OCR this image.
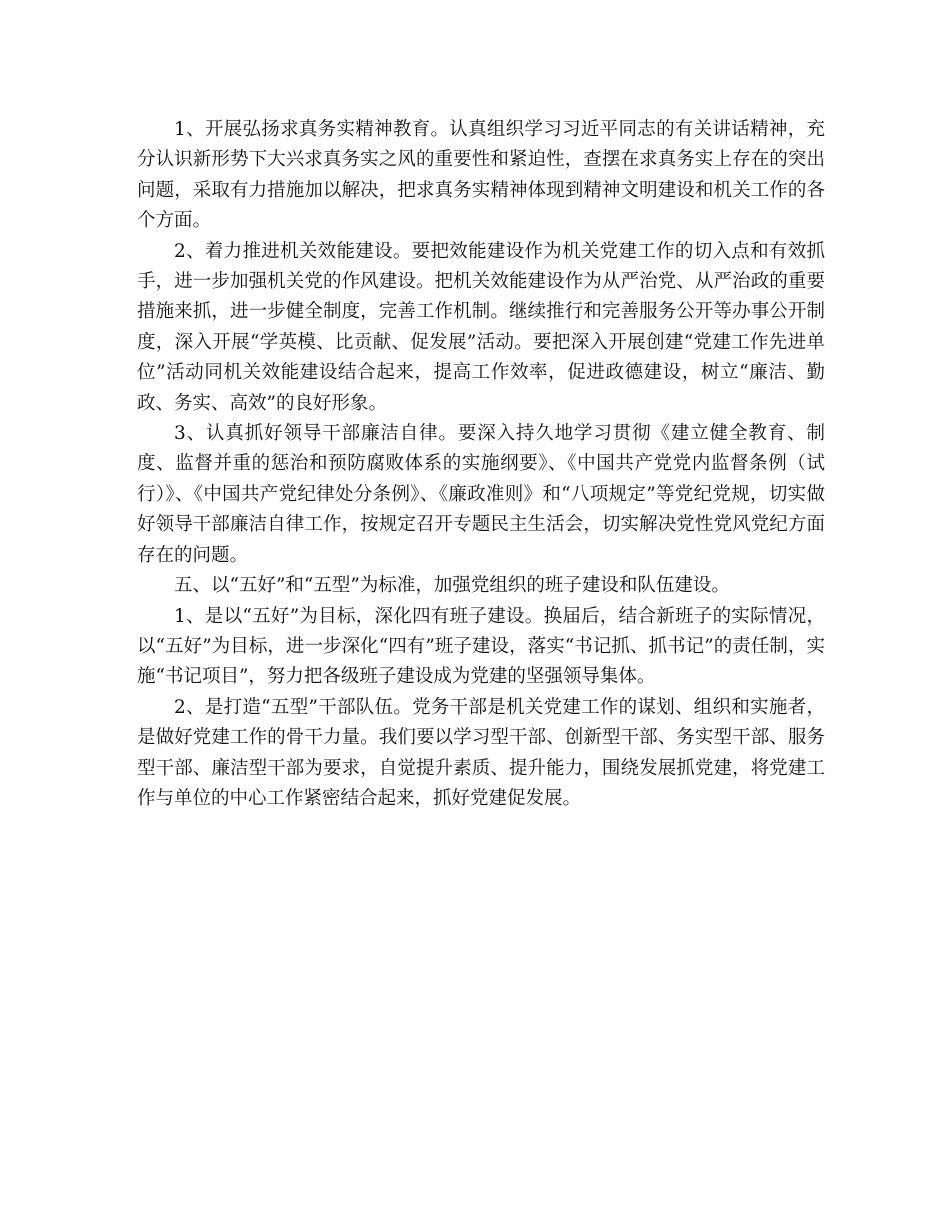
1、开展弘扬求真务实精神教育。认真组织学习习近平同志的有关讲话精神，充分认识新形势下大兴求真务实之风的重要性和紧迫性，查摆在求真务实上存在的突出问题，采取有力措施加以解决，把求真务实精神体现到精神文明建设和机关工作的各个方面。

2、着力推进机关效能建设。要把效能建设作为机关党建工作的切入点和有效抓手，进一步加强机关党的作风建设。把机关效能建设作为从严治党、从严治政的重要措施来抓，进一步健全制度，完善工作机制。继续推行和完善服务公开等办事公开制度，深入开展“学英模、比贡献、促发展”活动。要把深入开展创建“党建工作先进单位”活动同机关效能建设结合起来，提高工作效率，促进政德建设，树立“廉洁、勤政、务实、高效”的良好形象。

3、认真抓好领导干部廉洁自律。要深入持久地学习贯彻《建立健全教育、制度、监督并重的惩治和预防腐败体系的实施纲要》、《中国共产党党内监督条例（试行）》、《中国共产党纪律处分条例》、《廉政准则》和“八项规定”等党纪党规，切实做好领导干部廉洁自律工作，按规定召开专题民主生活会，切实解决党性党风党纪方面存在的问题。

五、以“五好”和“五型”为标准，加强党组织的班子建设和队伍建设。

1、是以“五好”为目标，深化四有班子建设。换届后，结合新班子的实际情况，以“五好”为目标，进一步深化“四有”班子建设，落实“书记抓、抓书记”的责任制，实施“书记项目”，努力把各级班子建设成为党建的坚强领导集体。

2、是打造“五型”干部队伍。党务干部是机关党建工作的谋划、组织和实施者，是做好党建工作的骨干力量。我们要以学习型干部、创新型干部、务实型干部、服务型干部、廉洁型干部为要求，自觉提升素质、提升能力，围绕发展抓党建，将党建工作与单位的中心工作紧密结合起来，抓好党建促发展。
